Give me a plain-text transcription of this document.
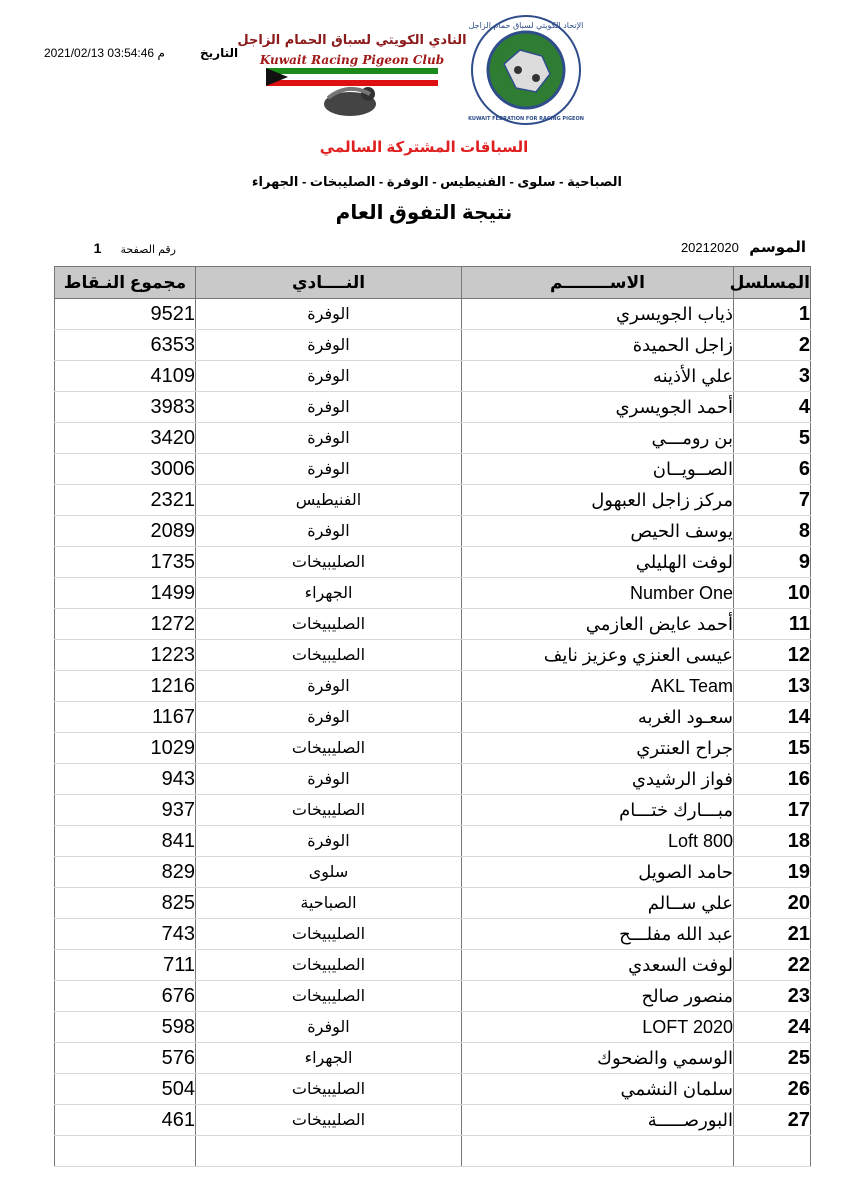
التاريخ
2021/02/13 03:54:46 م
النادي الكويتي لسباق الحمام الزاجل
Kuwait Racing Pigeon Club
الإتحاد الكويتي لسباق حمام الزاجل
KUWAIT FEDRATION FOR RACING PIGEON
السباقات المشتركة السالمي
الصباحية - سلوى - الفنيطيس - الوفرة - الصليبخات - الجهراء
نتيجة التفوق العام
الموسم 20212020
رقم الصفحة 1
مجموع النـقاط	النــــادي	الاســــــــم	المسلسل
9521	الوفرة	ذياب الجويسري	1
6353	الوفرة	زاجل الحميدة	2
4109	الوفرة	علي الأذينه	3
3983	الوفرة	أحمد الجويسري	4
3420	الوفرة	بن رومـــي	5
3006	الوفرة	الصــويــان	6
2321	الفنيطيس	مركز زاجل العبهول	7
2089	الوفرة	يوسف الحيص	8
1735	الصليبيخات	لوفت الهليلي	9
1499	الجهراء	Number One	10
1272	الصليبيخات	أحمد عايض العازمي	11
1223	الصليبيخات	عيسى العنزي وعزيز نايف	12
1216	الوفرة	AKL Team	13
1167	الوفرة	سعـود الغربه	14
1029	الصليبيخات	جراح العنتري	15
943	الوفرة	فواز الرشيدي	16
937	الصليبيخات	مبـــارك ختـــام	17
841	الوفرة	Loft 800	18
829	سلوى	حامد الصويل	19
825	الصباحية	علي ســالم	20
743	الصليبيخات	عبد الله مفلـــح	21
711	الصليبيخات	لوفت السعدي	22
676	الصليبيخات	منصور صالح	23
598	الوفرة	LOFT 2020	24
576	الجهراء	الوسمي والضحوك	25
504	الصليبيخات	سلمان النشمي	26
461	الصليبيخات	البورصـــــة	27
